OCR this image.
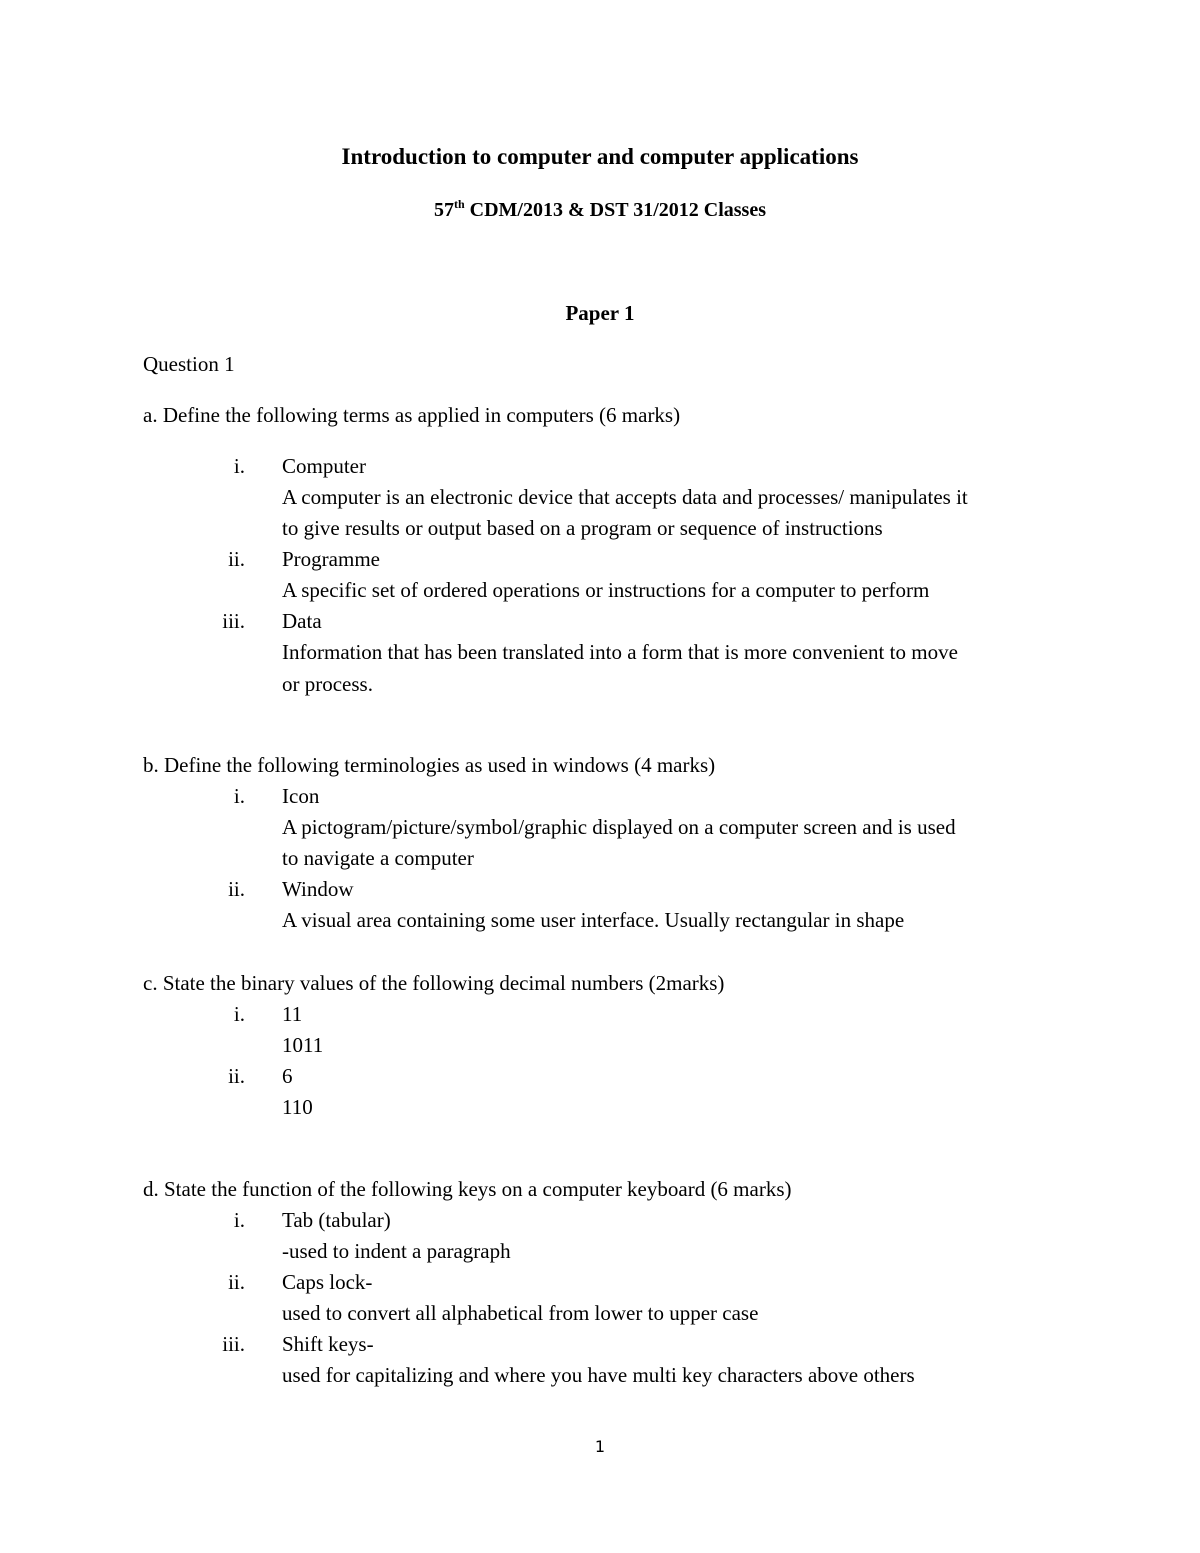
Introduction to computer and computer applications
57th CDM/2013 & DST 31/2012 Classes
Paper 1
Question 1
a. Define the following terms as applied in computers (6 marks)
i. Computer
A computer is an electronic device that accepts data and processes/ manipulates it
to give results or output based on a program or sequence of instructions
ii. Programme
A specific set of ordered operations or instructions for a computer to perform
iii. Data
Information that has been translated into a form that is more convenient to move
or process.
b. Define the following terminologies as used in windows (4 marks)
i. Icon
A pictogram/picture/symbol/graphic displayed on a computer screen and is used
to navigate a computer
ii. Window
A visual area containing some user interface. Usually rectangular in shape
c. State the binary values of the following decimal numbers (2marks)
i. 11
1011
ii. 6
110
d. State the function of the following keys on a computer keyboard (6 marks)
i. Tab (tabular)
-used to indent a paragraph
ii. Caps lock-
used to convert all alphabetical from lower to upper case
iii. Shift keys-
used for capitalizing and where you have multi key characters above others
1
